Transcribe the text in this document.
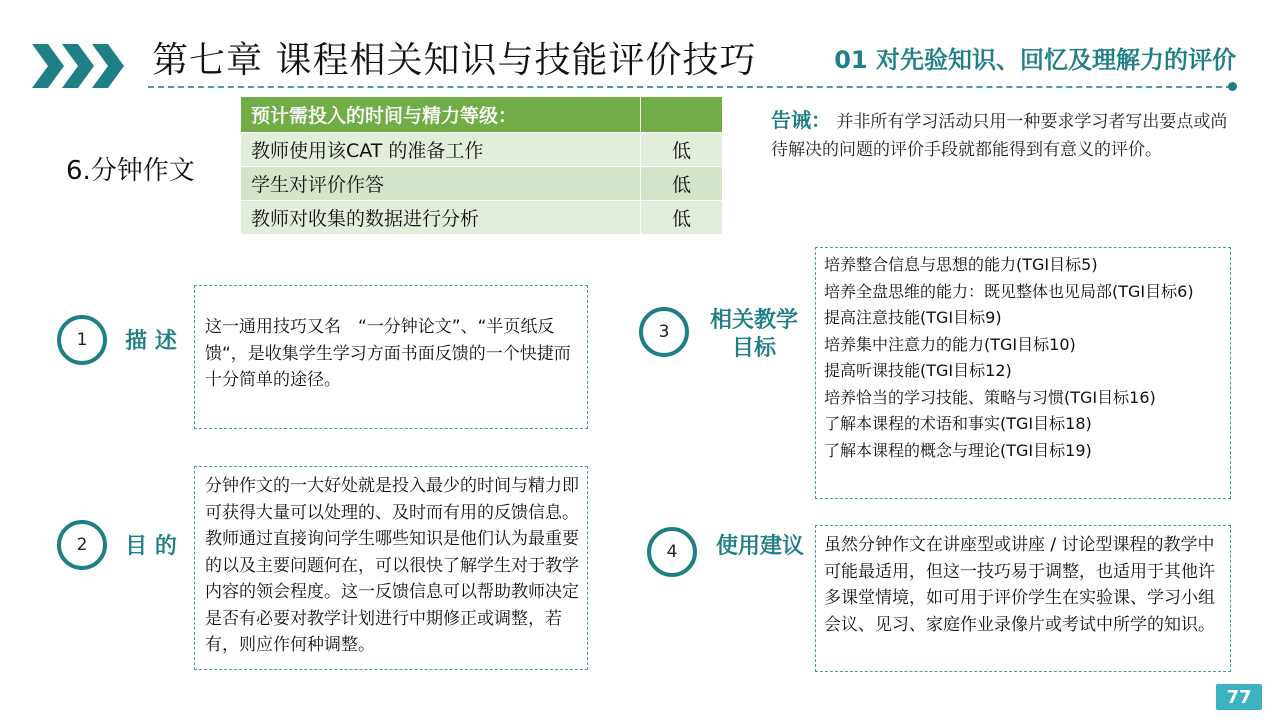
第七章 课程相关知识与技能评价技巧	01 对先验知识、回忆及理解力的评价
6.分钟作文
预计需投入的时间与精力等级：	
教师使用该CAT 的准备工作	低
学生对评价作答	低
教师对收集的数据进行分析	低
告诫： 并非所有学习活动只用一种要求学习者写出要点或尚待解决的问题的评价手段就都能得到有意义的评价。
1	描 述
这一通用技巧又名　“一分钟论文”、“半页纸反馈“，是收集学生学习方面书面反馈的一个快捷而十分简单的途径。
2	目 的
分钟作文的一大好处就是投入最少的时间与精力即可获得大量可以处理的、及时而有用的反馈信息。教师通过直接询问学生哪些知识是他们认为最重要的以及主要问题何在，可以很快了解学生对于教学内容的领会程度。这一反馈信息可以帮助教师决定是否有必要对教学计划进行中期修正或调整，若有，则应作何种调整。
3	相关教学
目标
培养整合信息与思想的能力(TGI目标5)
培养全盘思维的能力：既见整体也见局部(TGI目标6)
提高注意技能(TGI目标9)
培养集中注意力的能力(TGI目标10)
提高听课技能(TGI目标12)
培养恰当的学习技能、策略与习惯(TGI目标16)
了解本课程的术语和事实(TGI目标18)
了解本课程的概念与理论(TGI目标19)
4 使用建议	虽然分钟作文在讲座型或讲座 / 讨论型课程的教学中可能最适用，但这一技巧易于调整，也适用于其他许多课堂情境，如可用于评价学生在实验课、学习小组会议、见习、家庭作业录像片或考试中所学的知识。
77
